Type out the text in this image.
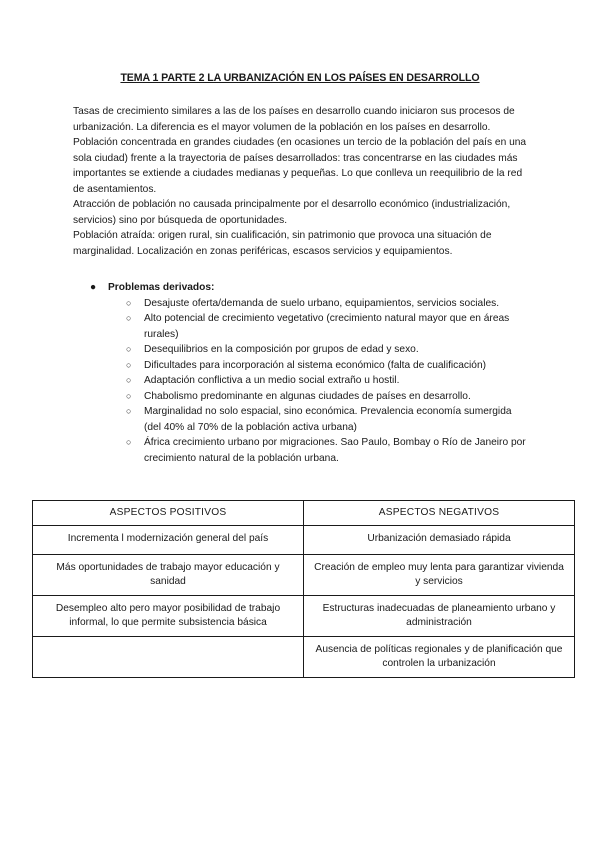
TEMA 1 PARTE 2 LA URBANIZACIÓN EN LOS PAÍSES EN DESARROLLO

Tasas de crecimiento similares a las de los países en desarrollo cuando iniciaron sus procesos de urbanización. La diferencia es el mayor volumen de la población en los países en desarrollo.

Población concentrada en grandes ciudades (en ocasiones un tercio de la población del país en una sola ciudad) frente a la trayectoria de países desarrollados: tras concentrarse en las ciudades más importantes se extiende a ciudades medianas y pequeñas. Lo que conlleva un reequilibrio de la red de asentamientos.

Atracción de población no causada principalmente por el desarrollo económico (industrialización, servicios) sino por búsqueda de oportunidades.

Población atraída: origen rural, sin cualificación, sin patrimonio que provoca una situación de marginalidad. Localización en zonas periféricas, escasos servicios y equipamientos.

● Problemas derivados:

○ Desajuste oferta/demanda de suelo urbano, equipamientos, servicios sociales.
○ Alto potencial de crecimiento vegetativo (crecimiento natural mayor que en áreas rurales)
○ Desequilibrios en la composición por grupos de edad y sexo.
○ Dificultades para incorporación al sistema económico (falta de cualificación)
○ Adaptación conflictiva a un medio social extraño u hostil.
○ Chabolismo predominante en algunas ciudades de países en desarrollo.
○ Marginalidad no solo espacial, sino económica. Prevalencia economía sumergida (del 40% al 70% de la población activa urbana)
○ África crecimiento urbano por migraciones. Sao Paulo, Bombay o Río de Janeiro por crecimiento natural de la población urbana.
ASPECTOS POSITIVOS	ASPECTOS NEGATIVOS
Incrementa l modernización general del país	Urbanización demasiado rápida
Más oportunidades de trabajo mayor educación y sanidad	Creación de empleo muy lenta para garantizar vivienda y servicios
Desempleo alto pero mayor posibilidad de trabajo informal, lo que permite subsistencia básica	Estructuras inadecuadas de planeamiento urbano y administración
	Ausencia de políticas regionales y de planificación que controlen la urbanización
